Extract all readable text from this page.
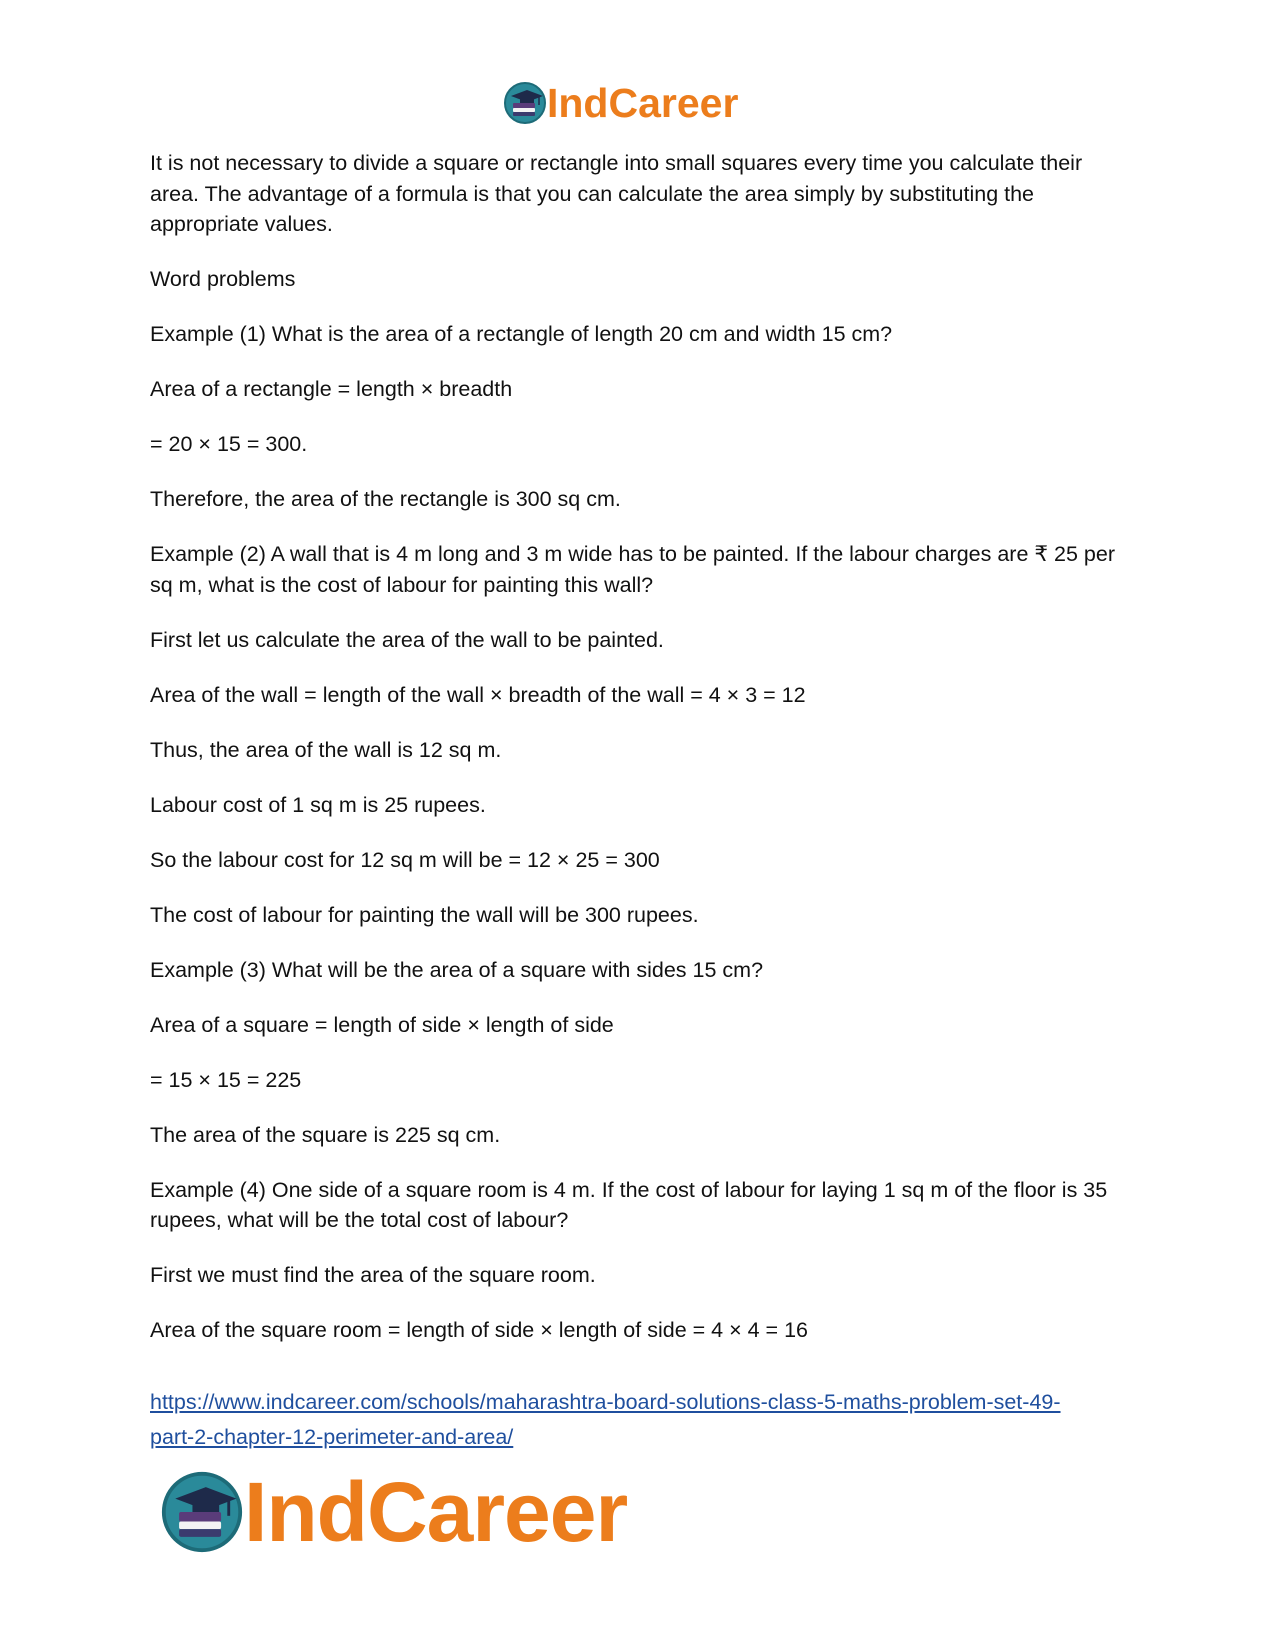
IndCareer

It is not necessary to divide a square or rectangle into small squares every time you calculate their area. The advantage of a formula is that you can calculate the area simply by substituting the appropriate values.

Word problems

Example (1) What is the area of a rectangle of length 20 cm and width 15 cm?

Area of a rectangle = length × breadth

= 20 × 15 = 300.

Therefore, the area of the rectangle is 300 sq cm.

Example (2) A wall that is 4 m long and 3 m wide has to be painted. If the labour charges are ₹ 25 per sq m, what is the cost of labour for painting this wall?

First let us calculate the area of the wall to be painted.

Area of the wall = length of the wall × breadth of the wall = 4 × 3 = 12

Thus, the area of the wall is 12 sq m.

Labour cost of 1 sq m is 25 rupees.

So the labour cost for 12 sq m will be = 12 × 25 = 300

The cost of labour for painting the wall will be 300 rupees.

Example (3) What will be the area of a square with sides 15 cm?

Area of a square = length of side × length of side

= 15 × 15 = 225

The area of the square is 225 sq cm.

Example (4) One side of a square room is 4 m. If the cost of labour for laying 1 sq m of the floor is 35 rupees, what will be the total cost of labour?

First we must find the area of the square room.

Area of the square room = length of side × length of side = 4 × 4 = 16

https://www.indcareer.com/schools/maharashtra-board-solutions-class-5-maths-problem-set-49-
part-2-chapter-12-perimeter-and-area/
IndCareer
